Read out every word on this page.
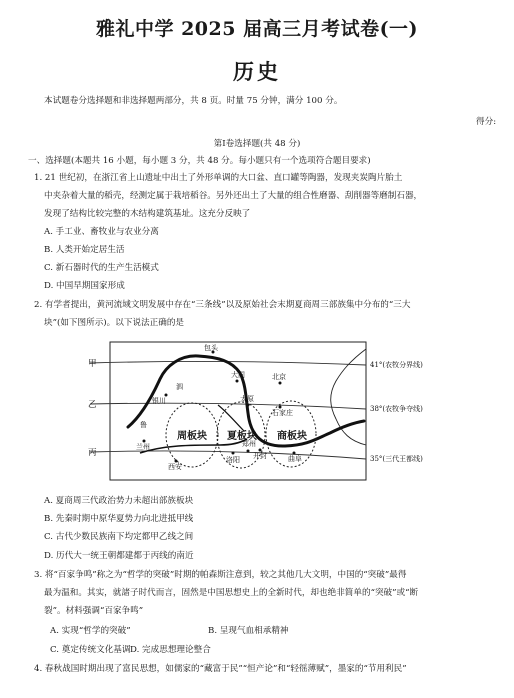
雅礼中学 2025 届高三月考试卷(一)
历史
本试题卷分选择题和非选择题两部分，共 8 页。时量 75 分钟，满分 100 分。
得分:
第Ⅰ卷选择题(共 48 分)
一、选择题(本题共 16 小题，每小题 3 分，共 48 分。每小题只有一个选项符合题目要求)
1. 21 世纪初，在浙江省上山遗址中出土了外形单调的大口盆、直口罐等陶器，发现夹炭陶片胎土
中夹杂着大量的稻壳，经测定属于栽培稻谷。另外还出土了大量的组合性磨器、刮削器等磨制石器，
发现了结构比较完整的木结构建筑基址。这充分反映了
A. 手工业、畜牧业与农业分离
B. 人类开始定居生活
C. 新石器时代的生产生活模式
D. 中国早期国家形成
2. 有学者提出，黄河流域文明发展中存在“三条线”以及原始社会末期夏商周三部族集中分布的“三大
块”(如下图所示)。以下说法正确的是
包头
大同	北京
银川	太原
石家庄
兰州
西安
洛阳 开封	曲阜
郑州
泗
鲁
周板块 夏板块 商板块
甲
乙
丙
41°(农牧分界线)
38°(农牧争夺线)
35°(三代王都线)
A. 夏商周三代政治势力未超出部族板块
B. 先秦时期中原华夏势力向北进抵甲线
C. 古代少数民族南下均定都甲乙线之间
D. 历代大一统王朝都建都于丙线的南近
3. 将“百家争鸣”称之为“哲学的突破”时期的帕森斯注意到，较之其他几大文明，中国的“突破”最得
最为温和。其实，就諸子时代而言，固然是中国思想史上的全新时代，却也绝非简单的“突破”或“断
裂”。材料强调“百家争鸣”
A. 实现“哲学的突破”	B. 呈现气血相承精神
C. 奠定传统文化基调 D. 完成思想理论整合
4. 春秋战国时期出现了富民思想，如儒家的“藏富于民”“恒产论”和“轻徭薄赋”，墨家的“节用利民”
